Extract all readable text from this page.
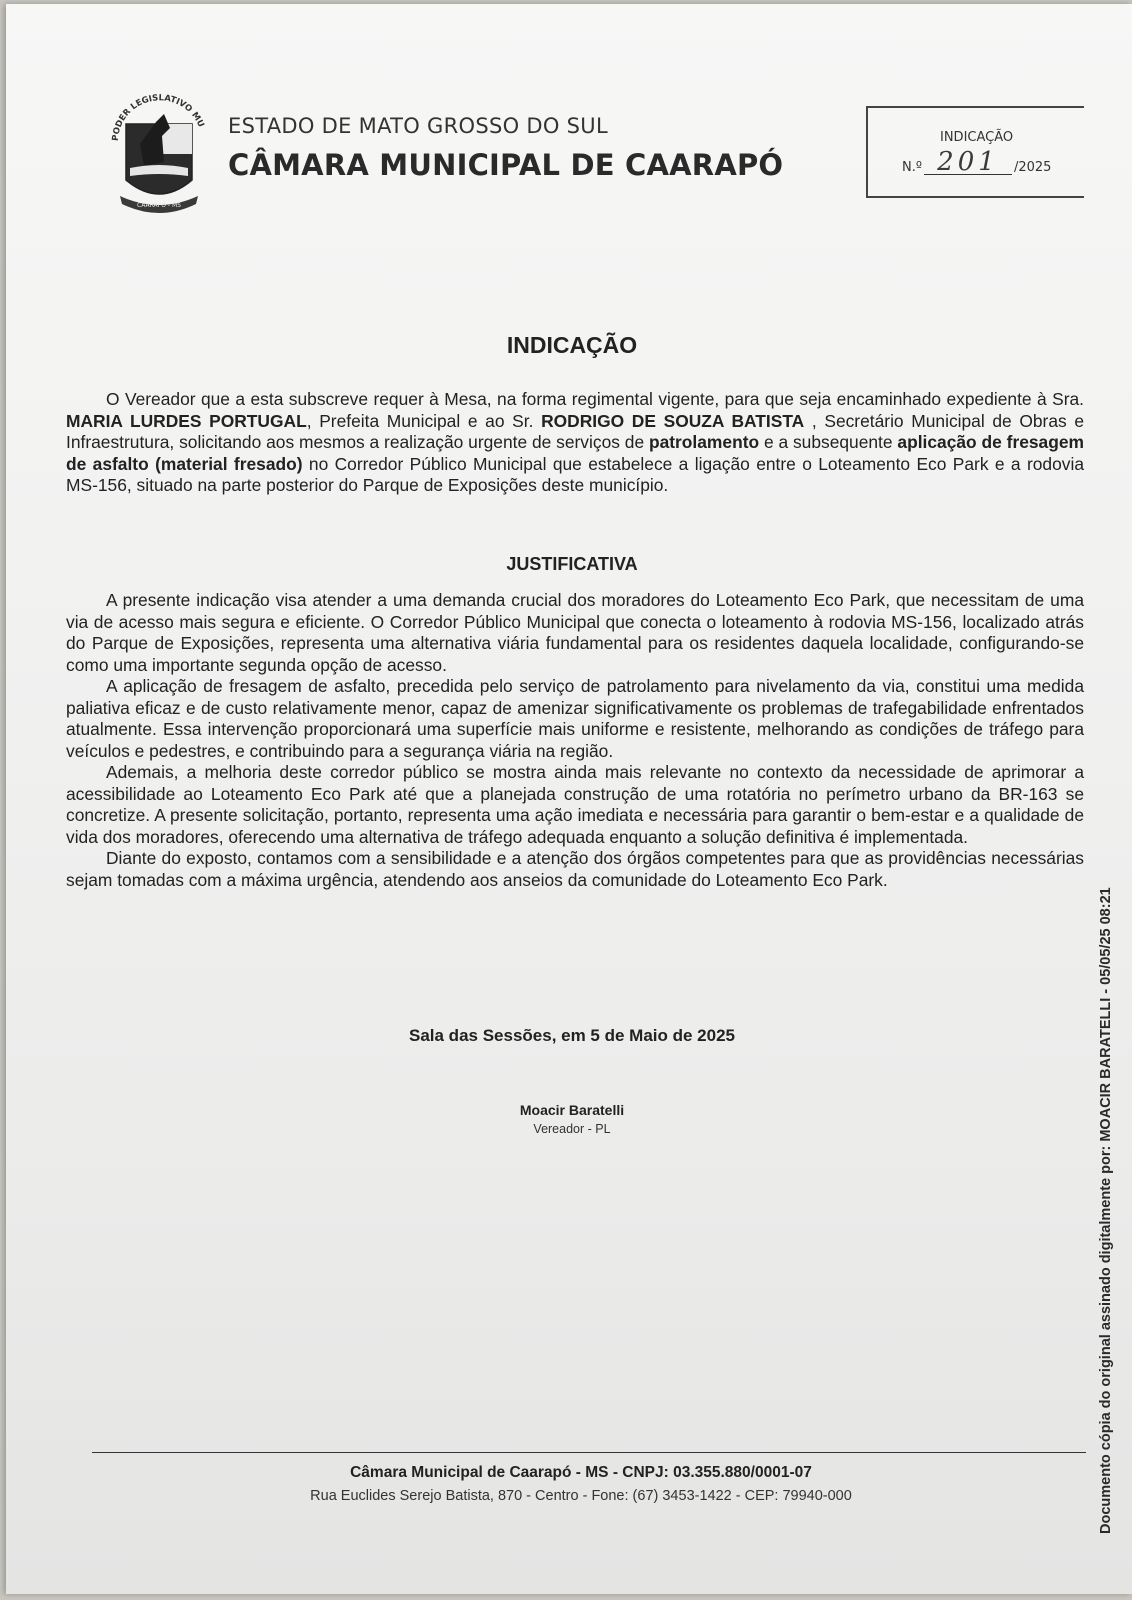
PODER LEGISLATIVO MU
CAARAPÓ - MS
ESTADO DE MATO GROSSO DO SUL
CÂMARA MUNICIPAL DE CAARAPÓ
INDICAÇÃO
N.º 201	/2025
INDICAÇÃO

O Vereador que a esta subscreve requer à Mesa, na forma regimental vigente, para que seja encaminhado expediente à Sra. MARIA LURDES PORTUGAL, Prefeita Municipal e ao Sr. RODRIGO DE SOUZA BATISTA , Secretário Municipal de Obras e Infraestrutura, solicitando aos mesmos a realização urgente de serviços de patrolamento e a subsequente aplicação de fresagem de asfalto (material fresado) no Corredor Público Municipal que estabelece a ligação entre o Loteamento Eco Park e a rodovia MS-156, situado na parte posterior do Parque de Exposições deste município.

JUSTIFICATIVA

A presente indicação visa atender a uma demanda crucial dos moradores do Loteamento Eco Park, que necessitam de uma via de acesso mais segura e eficiente. O Corredor Público Municipal que conecta o loteamento à rodovia MS-156, localizado atrás do Parque de Exposições, representa uma alternativa viária fundamental para os residentes daquela localidade, configurando-se como uma importante segunda opção de acesso.

A aplicação de fresagem de asfalto, precedida pelo serviço de patrolamento para nivelamento da via, constitui uma medida paliativa eficaz e de custo relativamente menor, capaz de amenizar significativamente os problemas de trafegabilidade enfrentados atualmente. Essa intervenção proporcionará uma superfície mais uniforme e resistente, melhorando as condições de tráfego para veículos e pedestres, e contribuindo para a segurança viária na região.

Ademais, a melhoria deste corredor público se mostra ainda mais relevante no contexto da necessidade de aprimorar a acessibilidade ao Loteamento Eco Park até que a planejada construção de uma rotatória no perímetro urbano da BR-163 se concretize. A presente solicitação, portanto, representa uma ação imediata e necessária para garantir o bem-estar e a qualidade de vida dos moradores, oferecendo uma alternativa de tráfego adequada enquanto a solução definitiva é implementada.

Diante do exposto, contamos com a sensibilidade e a atenção dos órgãos competentes para que as providências necessárias sejam tomadas com a máxima urgência, atendendo aos anseios da comunidade do Loteamento Eco Park.

Sala das Sessões, em 5 de Maio de 2025
Moacir Baratelli
Vereador - PL
Câmara Municipal de Caarapó - MS - CNPJ: 03.355.880/0001-07
Rua Euclides Serejo Batista, 870 - Centro - Fone: (67) 3453-1422 - CEP: 79940-000	Documento cópia do original assinado digitalmente por: MOACIR BARATELLI - 05/05/25 08:21
